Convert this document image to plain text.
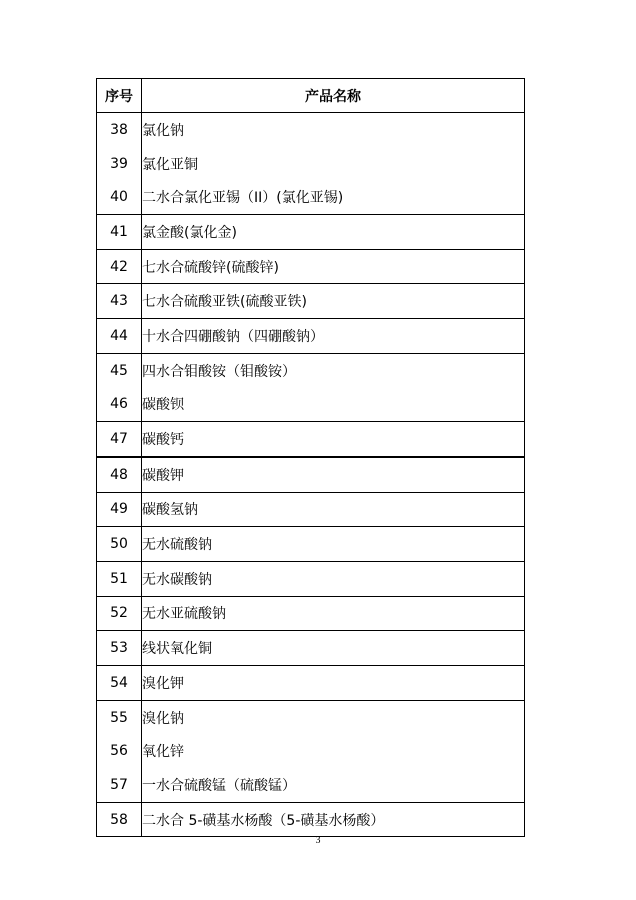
序号	产品名称
38	氯化钠
39	氯化亚铜
40	二水合氯化亚锡（II）(氯化亚锡)
41	氯金酸(氯化金)
42	七水合硫酸锌(硫酸锌)
43	七水合硫酸亚铁(硫酸亚铁)
44	十水合四硼酸钠（四硼酸钠）
45	四水合钼酸铵（钼酸铵）
46	碳酸钡
47	碳酸钙
48	碳酸钾
49	碳酸氢钠
50	无水硫酸钠
51	无水碳酸钠
52	无水亚硫酸钠
53	线状氧化铜
54	溴化钾
55	溴化钠
56	氧化锌
57	一水合硫酸锰（硫酸锰）
58	二水合 5-磺基水杨酸（5-磺基水杨酸）
3
